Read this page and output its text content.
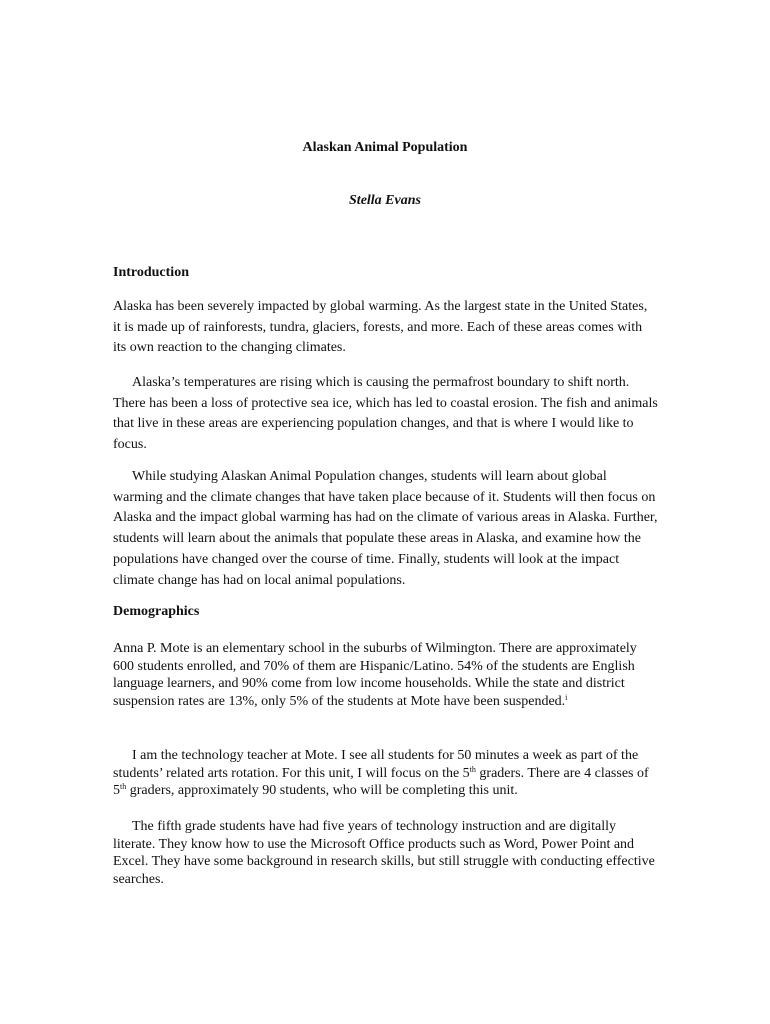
Alaskan Animal Population
Stella Evans
Introduction

Alaska has been severely impacted by global warming. As the largest state in the United States, it is made up of rainforests, tundra, glaciers, forests, and more. Each of these areas comes with its own reaction to the changing climates.

Alaska’s temperatures are rising which is causing the permafrost boundary to shift north. There has been a loss of protective sea ice, which has led to coastal erosion. The fish and animals that live in these areas are experiencing population changes, and that is where I would like to focus.

While studying Alaskan Animal Population changes, students will learn about global warming and the climate changes that have taken place because of it. Students will then focus on Alaska and the impact global warming has had on the climate of various areas in Alaska. Further, students will learn about the animals that populate these areas in Alaska, and examine how the populations have changed over the course of time. Finally, students will look at the impact climate change has had on local animal populations.

Demographics

Anna P. Mote is an elementary school in the suburbs of Wilmington. There are approximately 600 students enrolled, and 70% of them are Hispanic/Latino. 54% of the students are English language learners, and 90% come from low income households. While the state and district suspension rates are 13%, only 5% of the students at Mote have been suspended.$^i$

I am the technology teacher at Mote. I see all students for 50 minutes a week as part of the students’ related arts rotation. For this unit, I will focus on the 5th graders. There are 4 classes of 5th graders, approximately 90 students, who will be completing this unit.

The fifth grade students have had five years of technology instruction and are digitally literate. They know how to use the Microsoft Office products such as Word, Power Point and Excel. They have some background in research skills, but still struggle with conducting effective searches.
